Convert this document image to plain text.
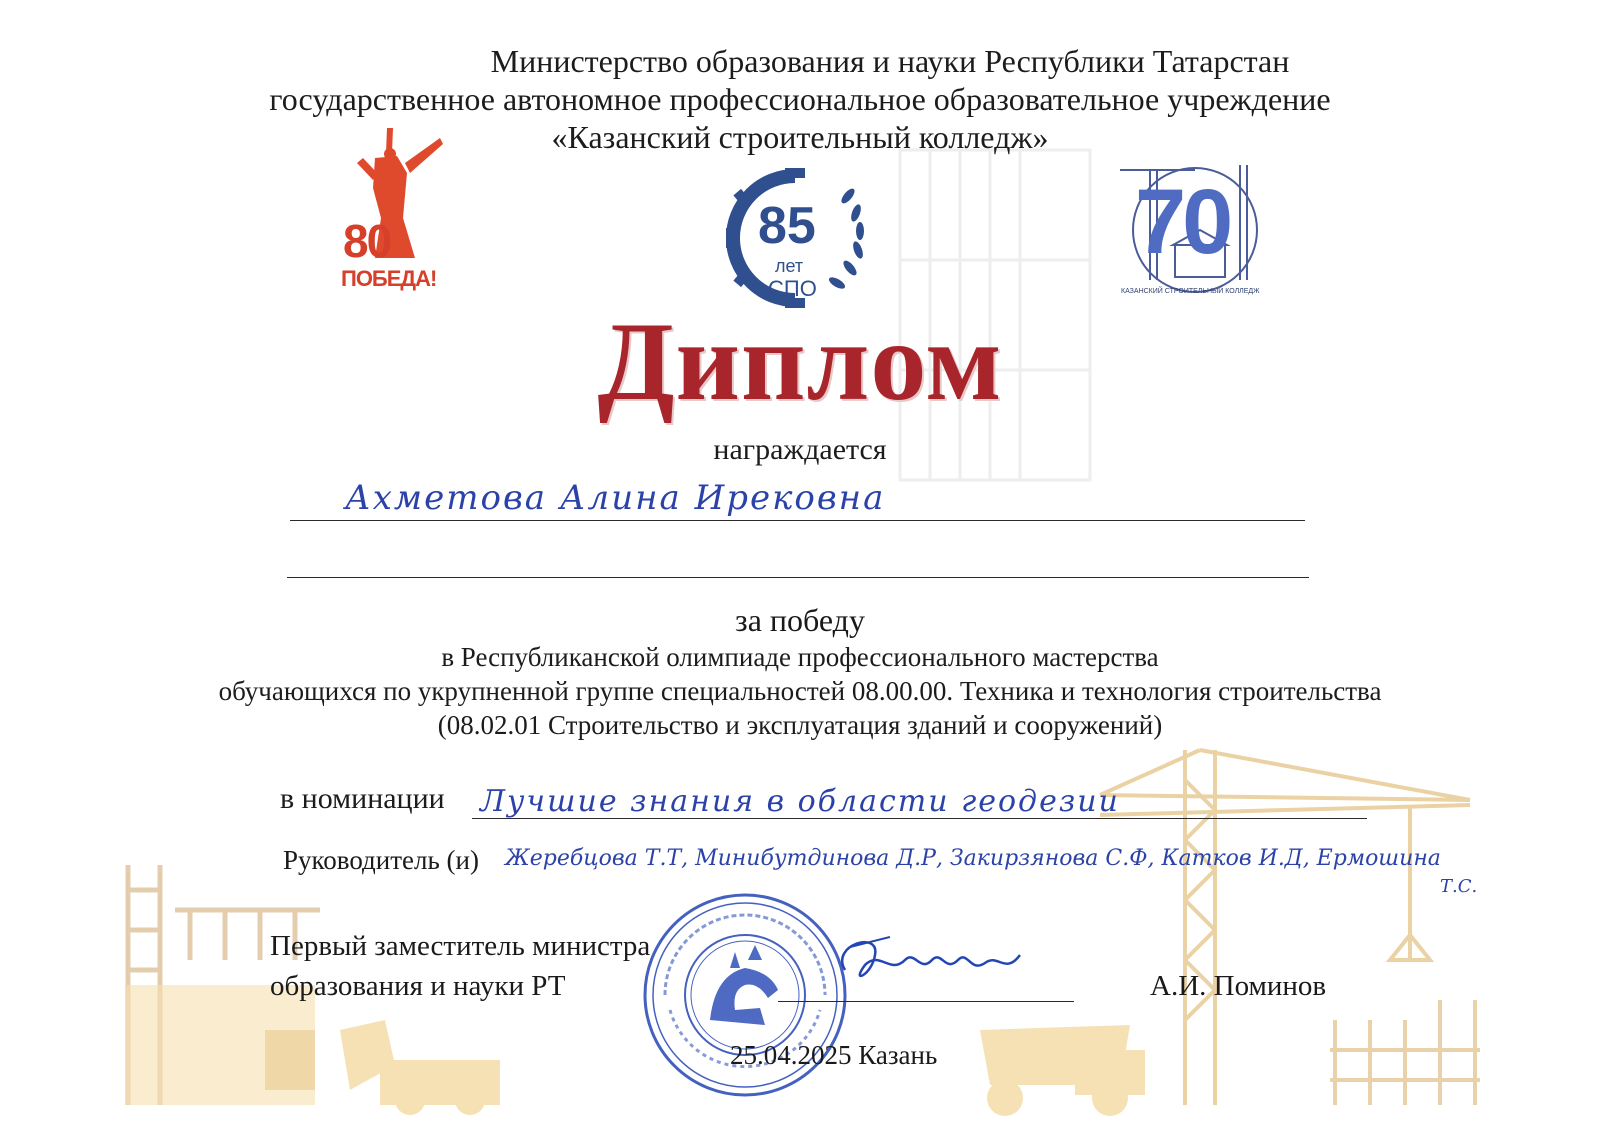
Министерство образования и науки Республики Татарстан
государственное автономное профессиональное образовательное учреждение
«Казанский строительный колледж»
80
ПОБЕДА!
85
лет
СПО
70
КАЗАНСКИЙ СТРОИТЕЛЬНЫЙ КОЛЛЕДЖ
Диплом
награждается
Ахметова Алина Ирековна
за победу
в Республиканской олимпиаде профессионального мастерства
обучающихся по укрупненной группе специальностей 08.00.00. Техника и технология строительства
(08.02.01 Строительство и эксплуатация зданий и сооружений)
в номинации Лучшие знания в области геодезии
Руководитель (и) Жеребцова Т.Т, Минибутдинова Д.Р, Закирзянова С.Ф, Катков И.Д, Ермошина
Т.С.
Первый заместитель министра
образования и науки РТ	А.И. Поминов
25.04.2025 Казань
